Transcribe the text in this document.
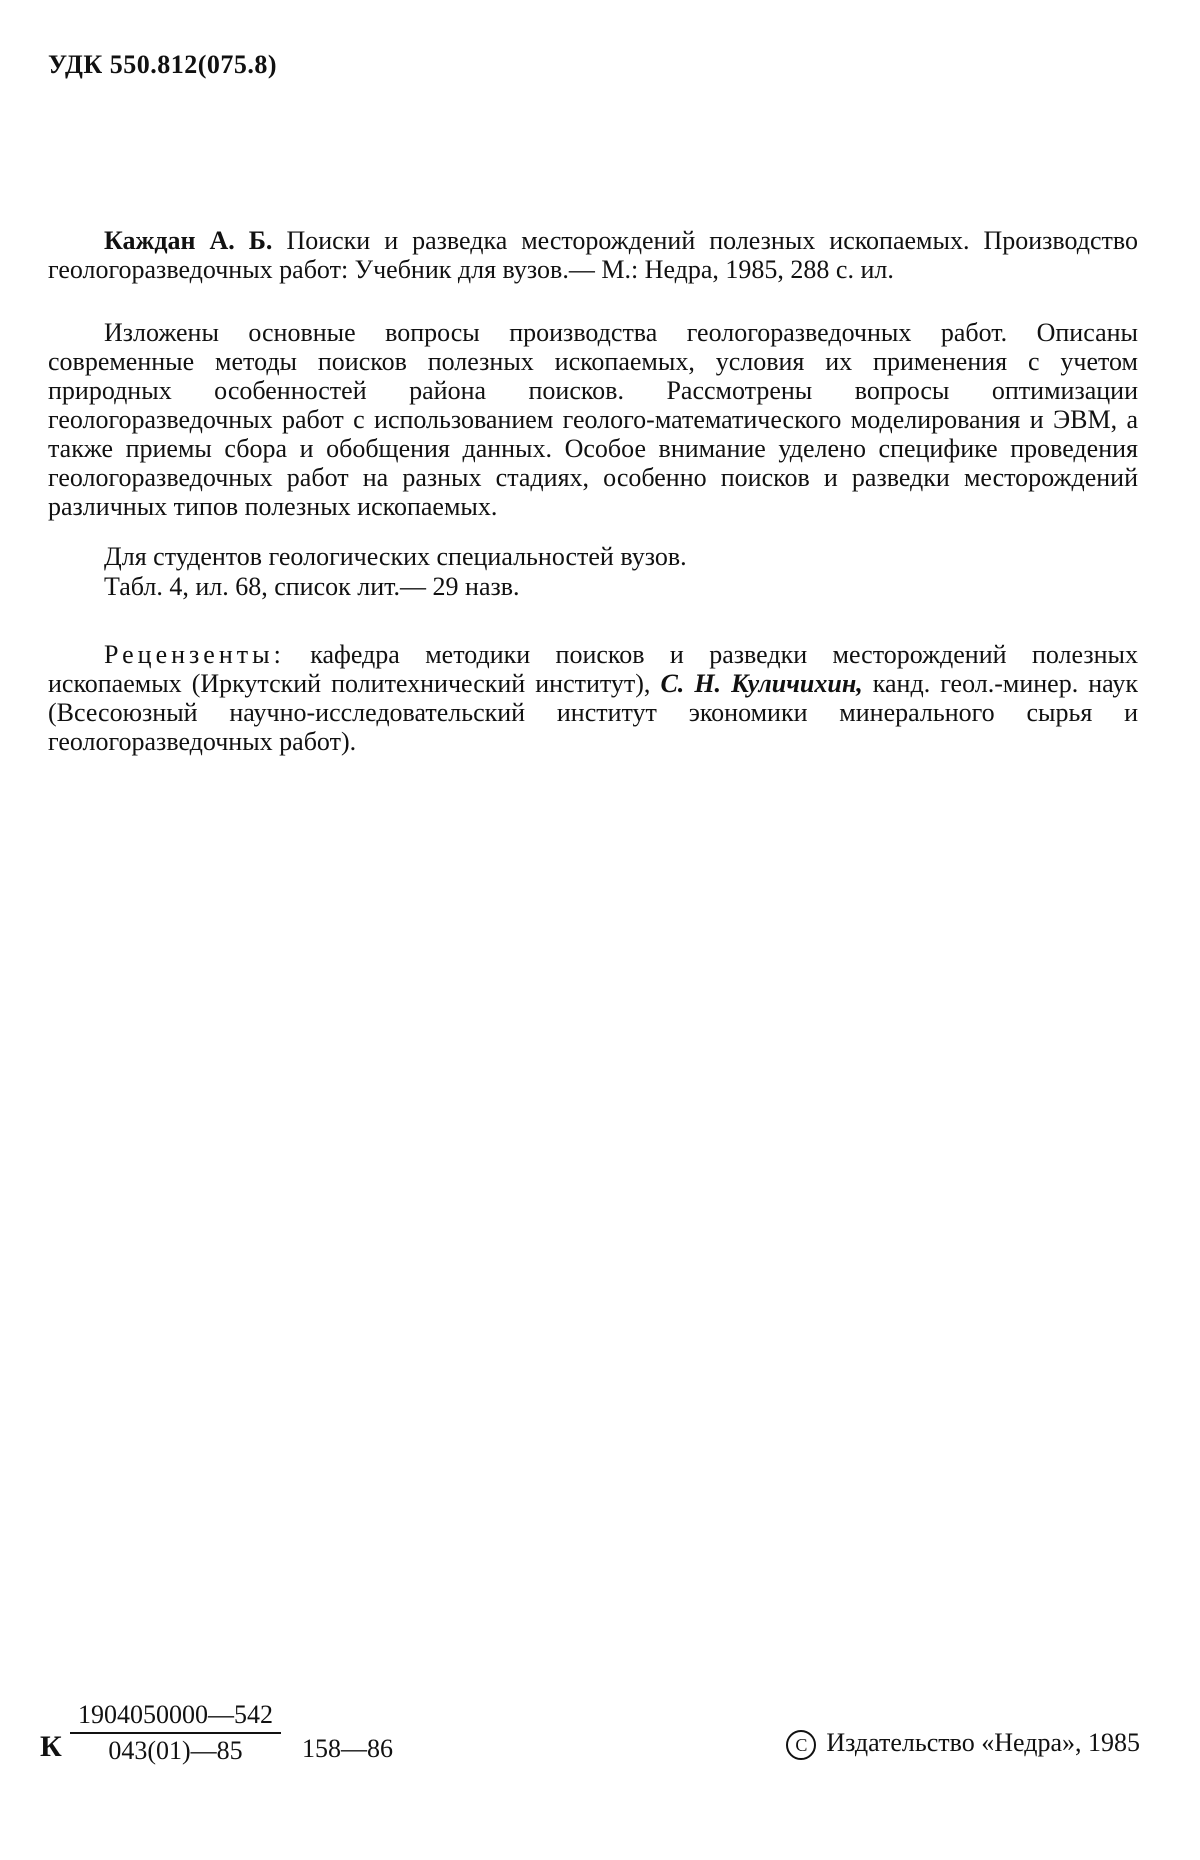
УДК 550.812(075.8)

Каждан А. Б. Поиски и разведка месторождений полезных ископаемых. Производство геологоразведочных работ: Учебник для вузов.— М.: Недра, 1985, 288 с. ил.

Изложены основные вопросы производства геологоразведочных работ. Описаны современные методы поисков полезных ископаемых, условия их применения с учетом природных особенностей района поисков. Рассмотрены вопросы оптимизации геологоразведочных работ с использованием геолого-математического моделирования и ЭВМ, а также приемы сбора и обобщения данных. Особое внимание уделено специфике проведения геологоразведочных работ на разных стадиях, особенно поисков и разведки месторождений различных типов полезных ископаемых.

Для студентов геологических специальностей вузов.

Табл. 4, ил. 68, список лит.— 29 назв.

Рецензенты: кафедра методики поисков и разведки месторождений полезных ископаемых (Иркутский политехнический институт), С. Н. Куличихин, канд. геол.-минер. наук (Всесоюзный научно-исследовательский институт экономики минерального сырья и геологоразведочных работ).

К $\frac{1904050000—542}{043(01)—85}$ 158—86	C Издательство «Недра», 1985
